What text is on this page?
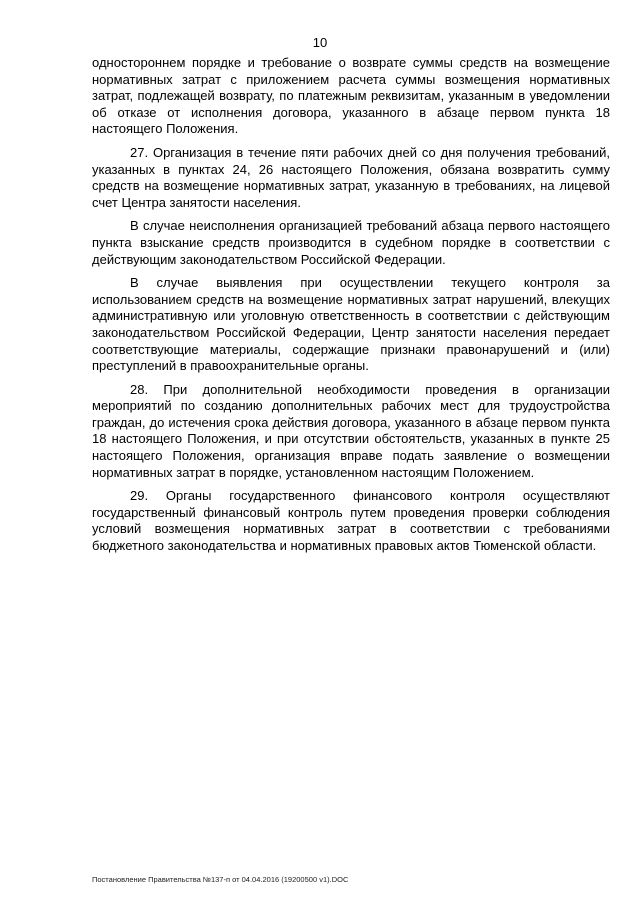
10

одностороннем порядке и требование о возврате суммы средств на возмещение нормативных затрат с приложением расчета суммы возмещения нормативных затрат, подлежащей возврату, по платежным реквизитам, указанным в уведомлении об отказе от исполнения договора, указанного в абзаце первом пункта 18 настоящего Положения.

27. Организация в течение пяти рабочих дней со дня получения требований, указанных в пунктах 24, 26 настоящего Положения, обязана возвратить сумму средств на возмещение нормативных затрат, указанную в требованиях, на лицевой счет Центра занятости населения.

В случае неисполнения организацией требований абзаца первого настоящего пункта взыскание средств производится в судебном порядке в соответствии с действующим законодательством Российской Федерации.

В случае выявления при осуществлении текущего контроля за использованием средств на возмещение нормативных затрат нарушений, влекущих административную или уголовную ответственность в соответствии с действующим законодательством Российской Федерации, Центр занятости населения передает соответствующие материалы, содержащие признаки правонарушений и (или) преступлений в правоохранительные органы.

28. При дополнительной необходимости проведения в организации мероприятий по созданию дополнительных рабочих мест для трудоустройства граждан, до истечения срока действия договора, указанного в абзаце первом пункта 18 настоящего Положения, и при отсутствии обстоятельств, указанных в пункте 25 настоящего Положения, организация вправе подать заявление о возмещении нормативных затрат в порядке, установленном настоящим Положением.

29. Органы государственного финансового контроля осуществляют государственный финансовый контроль путем проведения проверки соблюдения условий возмещения нормативных затрат в соответствии с требованиями бюджетного законодательства и нормативных правовых актов Тюменской области.

Постановление Правительства №137-п от 04.04.2016 (19200500 v1).DOC
